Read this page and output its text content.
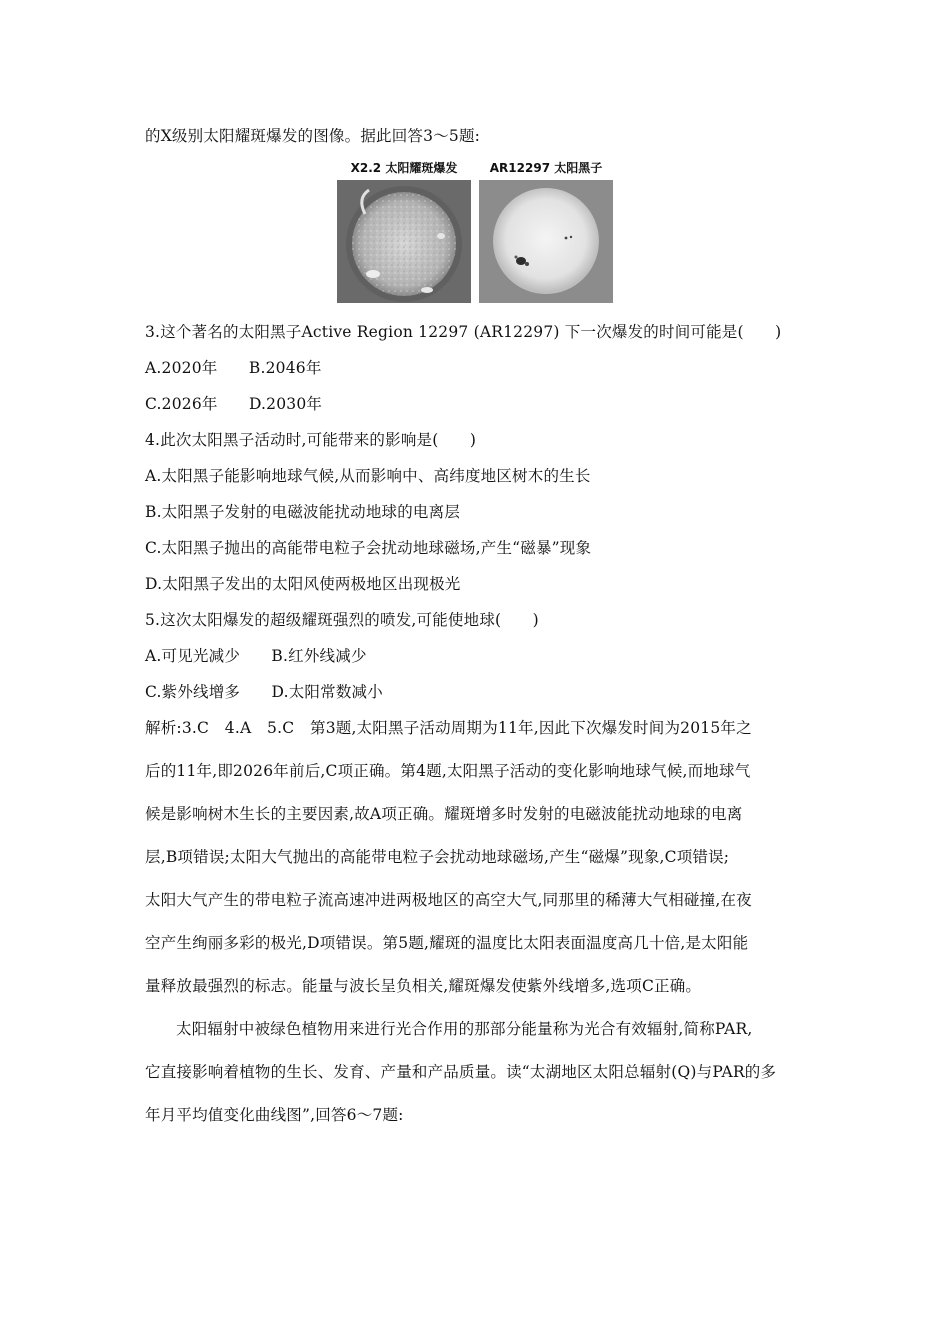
的X级别太阳耀斑爆发的图像。据此回答3～5题:
X2.2 太阳耀斑爆发	AR12297 太阳黑子
3.这个著名的太阳黑子Active Region 12297 (AR12297) 下一次爆发的时间可能是(　　)
A.2020年　　B.2046年
C.2026年　　D.2030年
4.此次太阳黑子活动时,可能带来的影响是(　　)
A.太阳黑子能影响地球气候,从而影响中、高纬度地区树木的生长
B.太阳黑子发射的电磁波能扰动地球的电离层
C.太阳黑子抛出的高能带电粒子会扰动地球磁场,产生“磁暴”现象
D.太阳黑子发出的太阳风使两极地区出现极光
5.这次太阳爆发的超级耀斑强烈的喷发,可能使地球(　　)
A.可见光减少　　B.红外线减少
C.紫外线增多　　D.太阳常数减小
解析:3.C　4.A　5.C　第3题,太阳黑子活动周期为11年,因此下次爆发时间为2015年之
后的11年,即2026年前后,C项正确。第4题,太阳黑子活动的变化影响地球气候,而地球气
候是影响树木生长的主要因素,故A项正确。耀斑增多时发射的电磁波能扰动地球的电离
层,B项错误;太阳大气抛出的高能带电粒子会扰动地球磁场,产生“磁爆”现象,C项错误;
太阳大气产生的带电粒子流高速冲进两极地区的高空大气,同那里的稀薄大气相碰撞,在夜
空产生绚丽多彩的极光,D项错误。第5题,耀斑的温度比太阳表面温度高几十倍,是太阳能
量释放最强烈的标志。能量与波长呈负相关,耀斑爆发使紫外线增多,选项C正确。
太阳辐射中被绿色植物用来进行光合作用的那部分能量称为光合有效辐射,简称PAR,
它直接影响着植物的生长、发育、产量和产品质量。读“太湖地区太阳总辐射(Q)与PAR的多
年月平均值变化曲线图”,回答6～7题:
